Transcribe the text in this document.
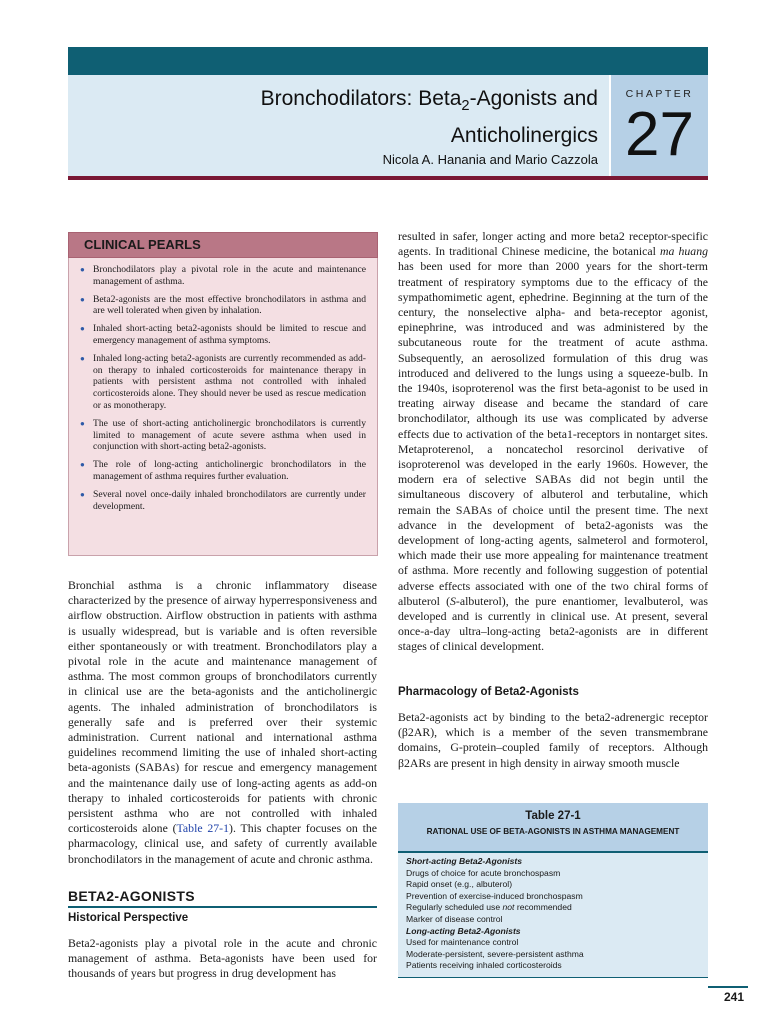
Bronchodilators: Beta$_2$-Agonists and
Anticholinergics
Nicola A. Hanania and Mario Cazzola
CHAPTER
27
CLINICAL PEARLS
● Bronchodilators play a pivotal role in the acute and maintenance management of asthma.
● Beta2-agonists are the most effective bronchodilators in asthma and are well tolerated when given by inhalation.
● Inhaled short-acting beta2-agonists should be limited to rescue and emergency management of asthma symptoms.
● Inhaled long-acting beta2-agonists are currently recommended as add-on therapy to inhaled corticosteroids for maintenance therapy in patients with persistent asthma not controlled with inhaled corticosteroids alone. They should never be used as rescue medication or as monotherapy.
● The use of short-acting anticholinergic bronchodilators is currently limited to management of acute severe asthma when used in conjunction with short-acting beta2-agonists.
● The role of long-acting anticholinergic bronchodilators in the management of asthma requires further evaluation.
● Several novel once-daily inhaled bronchodilators are currently under development.

Bronchial asthma is a chronic inflammatory disease characterized by the presence of airway hyperresponsiveness and airflow obstruction. Airflow obstruction in patients with asthma is usually widespread, but is variable and is often reversible either spontaneously or with treatment. Bronchodilators play a pivotal role in the acute and maintenance management of asthma. The most common groups of bronchodilators currently in clinical use are the beta-agonists and the anticholinergic agents. The inhaled administration of bronchodilators is generally safe and is preferred over their systemic administration. Current national and international asthma guidelines recommend limiting the use of inhaled short-acting beta-agonists (SABAs) for rescue and emergency management and the maintenance daily use of long-acting agents as add-on therapy to inhaled corticosteroids for patients with chronic persistent asthma who are not controlled with inhaled corticosteroids alone (Table 27-1). This chapter focuses on the pharmacology, clinical use, and safety of currently available bronchodilators in the management of acute and chronic asthma.

BETA2-AGONISTS
Historical Perspective

Beta2-agonists play a pivotal role in the acute and chronic management of asthma. Beta-agonists have been used for thousands of years but progress in drug development has

resulted in safer, longer acting and more beta2 receptor-specific agents. In traditional Chinese medicine, the botanical ma huang has been used for more than 2000 years for the short-term treatment of respiratory symptoms due to the efficacy of the sympathomimetic agent, ephedrine. Beginning at the turn of the century, the nonselective alpha- and beta-receptor agonist, epinephrine, was introduced and was administered by the subcutaneous route for the treatment of acute asthma. Subsequently, an aerosolized formulation of this drug was introduced and delivered to the lungs using a squeeze-bulb. In the 1940s, isoproterenol was the first beta-agonist to be used in treating airway disease and became the standard of care bronchodilator, although its use was complicated by adverse effects due to activation of the beta1-receptors in nontarget sites. Metaproterenol, a noncatechol resorcinol derivative of isoproterenol was developed in the early 1960s. However, the modern era of selective SABAs did not begin until the simultaneous discovery of albuterol and terbutaline, which remain the SABAs of choice until the present time. The next advance in the development of beta2-agonists was the development of long-acting agents, salmeterol and formoterol, which made their use more appealing for maintenance treatment of asthma. More recently and following suggestion of potential adverse effects associated with one of the two chiral forms of albuterol (S-albuterol), the pure enantiomer, levalbuterol, was developed and is currently in clinical use. At present, several once-a-day ultra–long-acting beta2-agonists are in different stages of clinical development.

Pharmacology of Beta2-Agonists

Beta2-agonists act by binding to the beta2-adrenergic receptor (β2AR), which is a member of the seven transmembrane domains, G-protein–coupled family of receptors. Although β2ARs are present in high density in airway smooth muscle

Table 27-1
RATIONAL USE OF BETA-AGONISTS IN ASTHMA MANAGEMENT
Short-acting Beta2-Agonists
Drugs of choice for acute bronchospasm
Rapid onset (e.g., albuterol)
Prevention of exercise-induced bronchospasm
Regularly scheduled use not recommended
Marker of disease control
Long-acting Beta2-Agonists
Used for maintenance control
Moderate-persistent, severe-persistent asthma
Patients receiving inhaled corticosteroids
241
